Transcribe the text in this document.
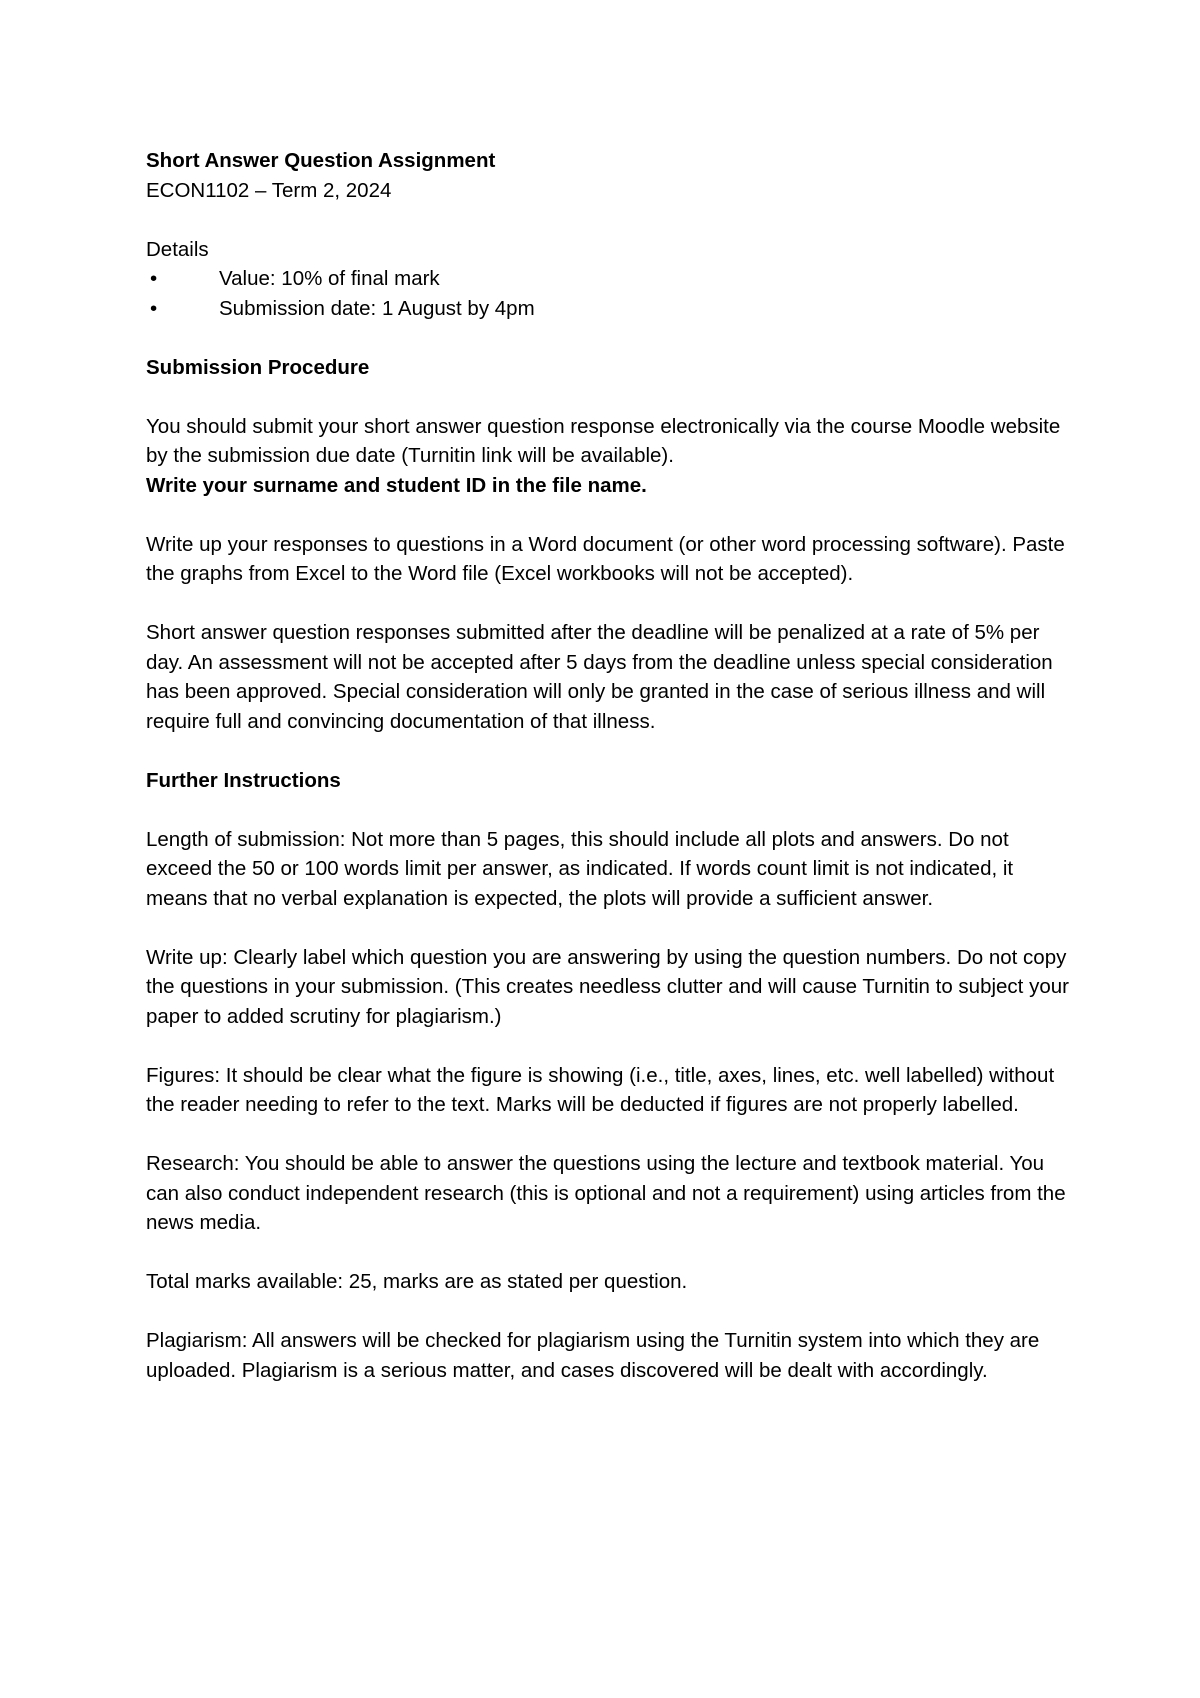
Short Answer Question Assignment

ECON1102 – Term 2, 2024

Details

•	Value: 10% of final mark
•	Submission date: 1 August by 4pm

Submission Procedure

You should submit your short answer question response electronically via the course Moodle website by the submission due date (Turnitin link will be available).

Write your surname and student ID in the file name.

Write up your responses to questions in a Word document (or other word processing software). Paste the graphs from Excel to the Word file (Excel workbooks will not be accepted).

Short answer question responses submitted after the deadline will be penalized at a rate of 5% per day. An assessment will not be accepted after 5 days from the deadline unless special consideration has been approved. Special consideration will only be granted in the case of serious illness and will require full and convincing documentation of that illness.

Further Instructions

Length of submission: Not more than 5 pages, this should include all plots and answers. Do not exceed the 50 or 100 words limit per answer, as indicated. If words count limit is not indicated, it means that no verbal explanation is expected, the plots will provide a sufficient answer.

Write up: Clearly label which question you are answering by using the question numbers. Do not copy the questions in your submission. (This creates needless clutter and will cause Turnitin to subject your paper to added scrutiny for plagiarism.)

Figures: It should be clear what the figure is showing (i.e., title, axes, lines, etc. well labelled) without the reader needing to refer to the text. Marks will be deducted if figures are not properly labelled.

Research: You should be able to answer the questions using the lecture and textbook material. You can also conduct independent research (this is optional and not a requirement) using articles from the news media.

Total marks available: 25, marks are as stated per question.

Plagiarism: All answers will be checked for plagiarism using the Turnitin system into which they are uploaded. Plagiarism is a serious matter, and cases discovered will be dealt with accordingly.
